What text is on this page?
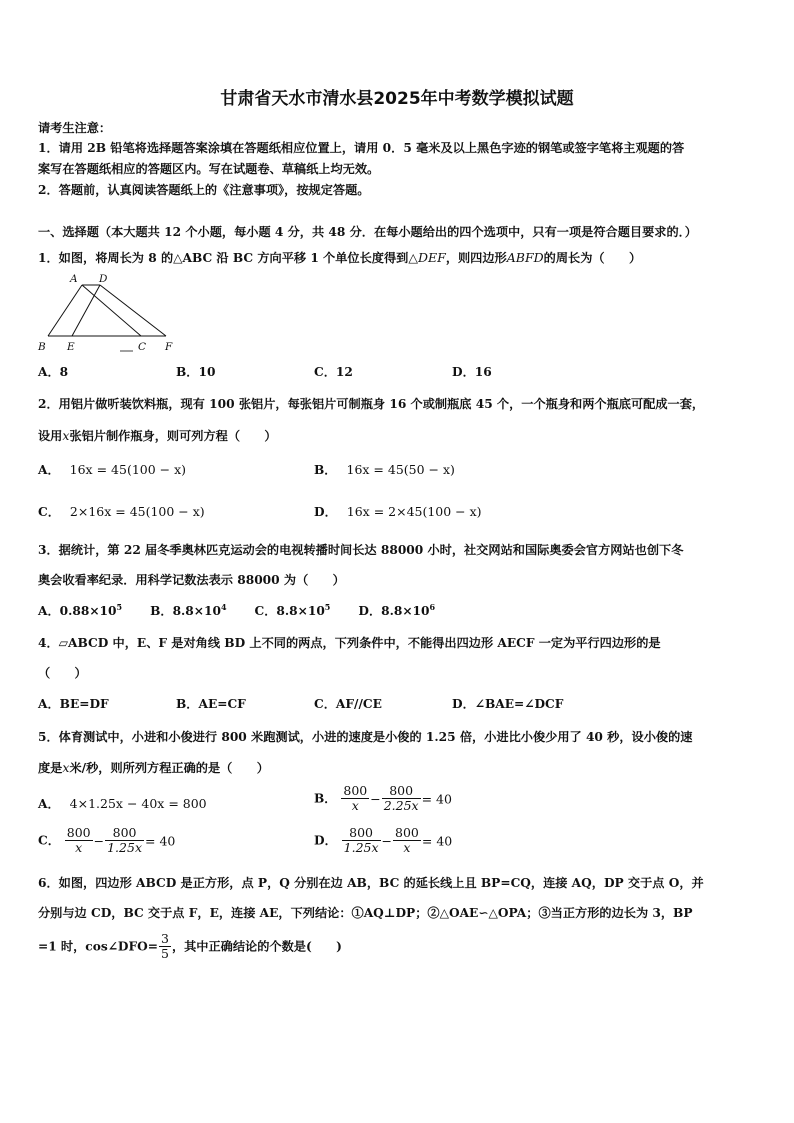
甘肃省天水市清水县2025年中考数学模拟试题
请考生注意：
1．请用 2B 铅笔将选择题答案涂填在答题纸相应位置上，请用 0．5 毫米及以上黑色字迹的钢笔或签字笔将主观题的答
案写在答题纸相应的答题区内。写在试题卷、草稿纸上均无效。
2．答题前，认真阅读答题纸上的《注意事项》，按规定答题。
一、选择题（本大题共 12 个小题，每小题 4 分，共 48 分．在每小题给出的四个选项中，只有一项是符合题目要求的．）
1．如图，将周长为 8 的△ABC 沿 BC 方向平移 1 个单位长度得到△DEF，则四边形ABFD的周长为（　　）
A D
B E	C F
A．8	B．10	C．12	D．16
2．用铝片做听装饮料瓶，现有 100 张铝片，每张铝片可制瓶身 16 个或制瓶底 45 个，一个瓶身和两个瓶底可配成一套，
设用x张铝片制作瓶身，则可列方程（　　）
A． 16x = 45(100 − x)	B． 16x = 45(50 − x)
C． 2×16x = 45(100 − x)	D． 16x = 2×45(100 − x)
3．据统计，第 22 届冬季奥林匹克运动会的电视转播时间长达 88000 小时，社交网站和国际奥委会官方网站也创下冬
奥会收看率纪录．用科学记数法表示 88000 为（　　）
A．$0.88\times 10^5$ B．$8.8\times 10^4$ C．$8.8\times 10^5$ D．$8.8\times 10^6$
4．▱ABCD 中，E、F 是对角线 BD 上不同的两点，下列条件中，不能得出四边形 AECF 一定为平行四边形的是
（　　）
A．BE=DF	B．AE=CF	C．AF//CE	D．∠BAE=∠DCF
5．体育测试中，小进和小俊进行 800 米跑测试，小进的速度是小俊的 1.25 倍，小进比小俊少用了 40 秒，设小俊的速
度是x米/秒，则所列方程正确的是（　　）
A． 4×1.25x − 40x = 800	B． $\frac{800}{x} - \frac{800}{2.25x} = 40$
C． $\frac{800}{x} - \frac{800}{1.25x} = 40$	D． $\frac{800}{1.25x} - \frac{800}{x} = 40$
6．如图，四边形 ABCD 是正方形，点 P，Q 分别在边 AB，BC 的延长线上且 BP=CQ，连接 AQ，DP 交于点 O，并
分别与边 CD，BC 交于点 F，E，连接 AE，下列结论：①AQ⊥DP；②△OAE∽△OPA；③当正方形的边长为 3，BP
=1 时，cos∠DFO= $\frac{3}{5}$ ，其中正确结论的个数是(　　)
